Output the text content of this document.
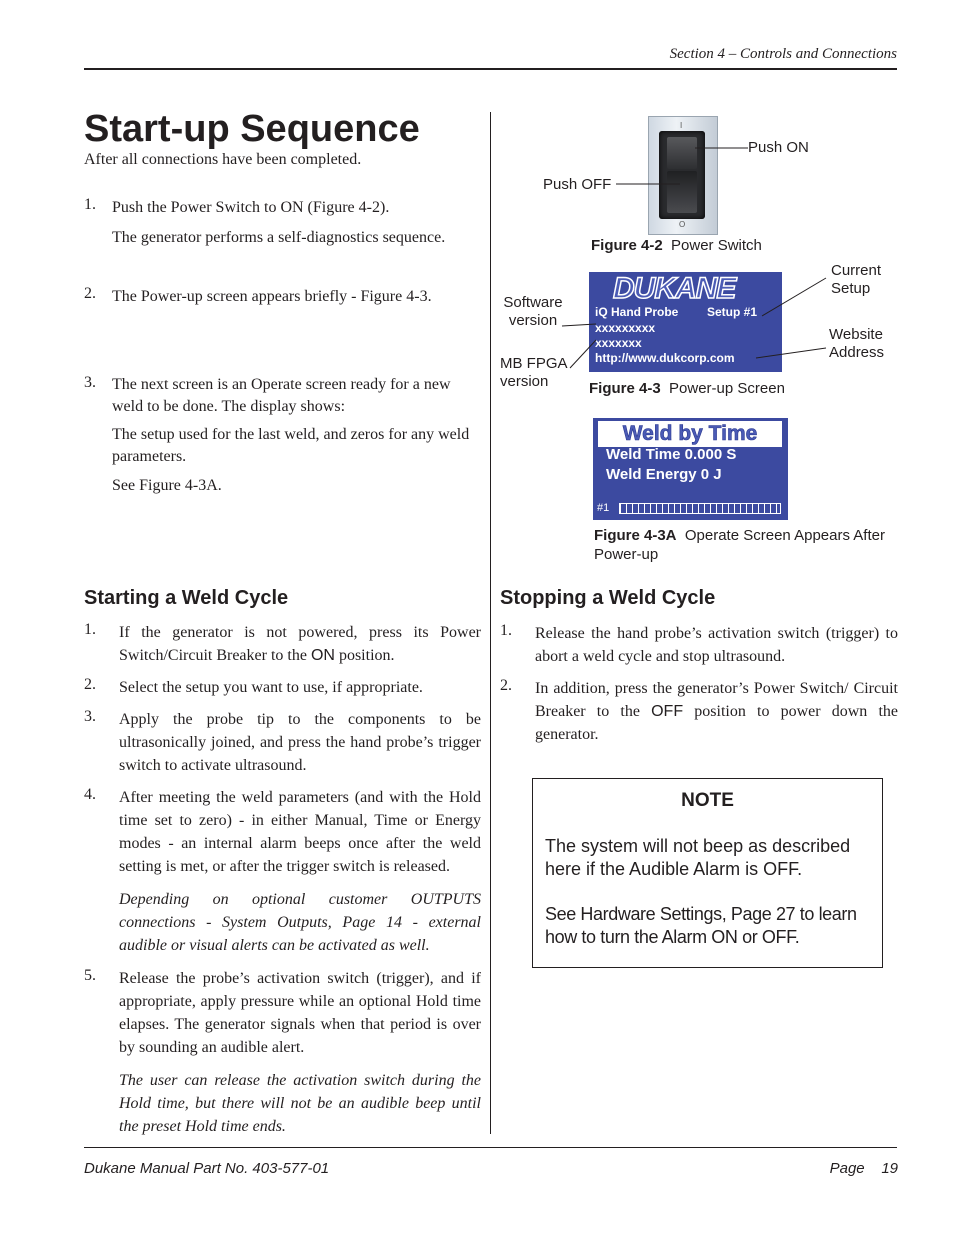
Section 4 – Controls and Connections
Start-up Sequence
After all connections have been completed.
1. Push the Power Switch to ON (Figure 4-2).
The generator performs a self-diagnostics sequence.
2. The Power-up screen appears briefly - Figure 4-3.
3. The next screen is an Operate screen ready for a new weld to be done. The display shows:
The setup used for the last weld, and zeros for any weld parameters.
See Figure 4-3A.
I
O
Push ON
Push OFF
Figure 4-2 Power Switch
DUKANE
iQ Hand Probe Setup #1
xxxxxxxxx
xxxxxxx
http://www.dukcorp.com
Software version
MB FPGA version
Current Setup
Website Address
Figure 4-3 Power-up Screen
Weld by Time
Weld Time 0.000 S
Weld Energy 0 J
#1
Figure 4-3A Operate Screen Appears After Power-up
Starting a Weld Cycle
1. If the generator is not powered, press its Power Switch/Circuit Breaker to the ON position.
2. Select the setup you want to use, if appropriate.
3. Apply the probe tip to the components to be ultrasonically joined, and press the hand probe’s trigger switch to activate ultrasound.
4. After meeting the weld parameters (and with the Hold time set to zero) - in either Manual, Time or Energy modes - an internal alarm beeps once after the weld setting is met, or after the trigger switch is released.
Depending on optional customer OUTPUTS connections - System Outputs, Page 14 - external audible or visual alerts can be activated as well.
5. Release the probe’s activation switch (trigger), and if appropriate, apply pressure while an optional Hold time elapses. The generator signals when that period is over by sounding an audible alert.
The user can release the activation switch during the Hold time, but there will not be an audible beep until the preset Hold time ends.
Stopping a Weld Cycle
1. Release the hand probe’s activation switch (trigger) to abort a weld cycle and stop ultrasound.
2. In addition, press the generator’s Power Switch/ Circuit Breaker to the OFF position to power down the generator.
NOTE
The system will not beep as described here if the Audible Alarm is OFF.
See Hardware Settings, Page 27 to learn how to turn the Alarm ON or OFF.
Dukane Manual Part No. 403-577-01	Page 19
